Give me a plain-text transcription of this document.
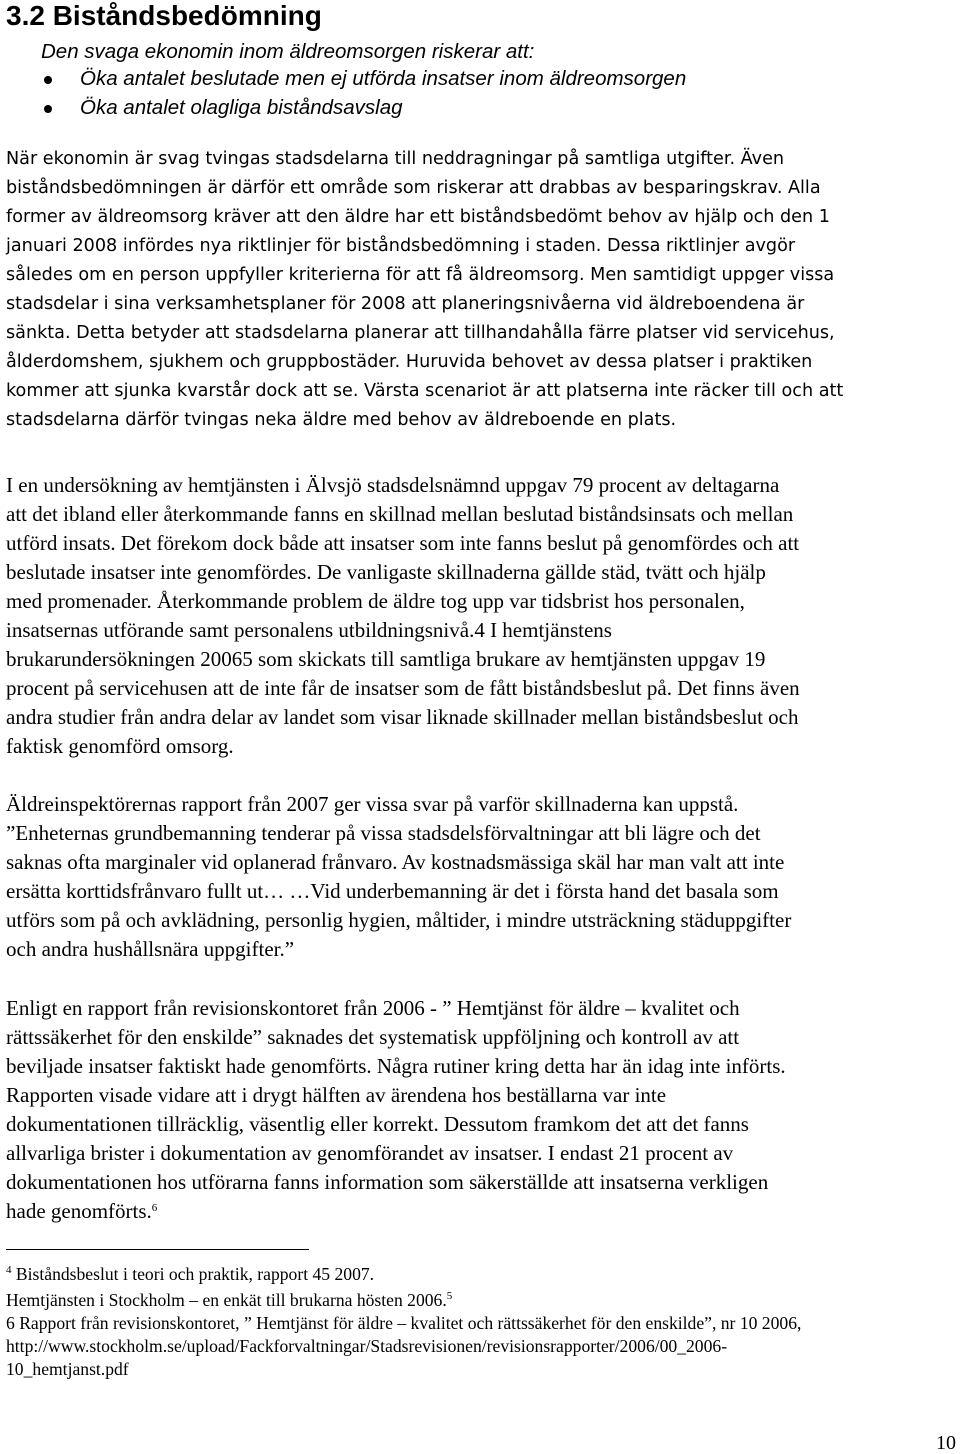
3.2 Biståndsbedömning
Den svaga ekonomin inom äldreomsorgen riskerar att:
Öka antalet beslutade men ej utförda insatser inom äldreomsorgen
Öka antalet olagliga biståndsavslag
När ekonomin är svag tvingas stadsdelarna till neddragningar på samtliga utgifter. Även
biståndsbedömningen är därför ett område som riskerar att drabbas av besparingskrav. Alla
former av äldreomsorg kräver att den äldre har ett biståndsbedömt behov av hjälp och den 1
januari 2008 infördes nya riktlinjer för biståndsbedömning i staden. Dessa riktlinjer avgör
således om en person uppfyller kriterierna för att få äldreomsorg. Men samtidigt uppger vissa
stadsdelar i sina verksamhetsplaner för 2008 att planeringsnivåerna vid äldreboendena är
sänkta. Detta betyder att stadsdelarna planerar att tillhandahålla färre platser vid servicehus,
ålderdomshem, sjukhem och gruppbostäder. Huruvida behovet av dessa platser i praktiken
kommer att sjunka kvarstår dock att se. Värsta scenariot är att platserna inte räcker till och att
stadsdelarna därför tvingas neka äldre med behov av äldreboende en plats.
I en undersökning av hemtjänsten i Älvsjö stadsdelsnämnd uppgav 79 procent av deltagarna
att det ibland eller återkommande fanns en skillnad mellan beslutad biståndsinsats och mellan
utförd insats. Det förekom dock både att insatser som inte fanns beslut på genomfördes och att
beslutade insatser inte genomfördes. De vanligaste skillnaderna gällde städ, tvätt och hjälp
med promenader. Återkommande problem de äldre tog upp var tidsbrist hos personalen,
insatsernas utförande samt personalens utbildningsnivå.4 I hemtjänstens
brukarundersökningen 20065 som skickats till samtliga brukare av hemtjänsten uppgav 19
procent på servicehusen att de inte får de insatser som de fått biståndsbeslut på. Det finns även
andra studier från andra delar av landet som visar liknade skillnader mellan biståndsbeslut och
faktisk genomförd omsorg.
Äldreinspektörernas rapport från 2007 ger vissa svar på varför skillnaderna kan uppstå.
”Enheternas grundbemanning tenderar på vissa stadsdelsförvaltningar att bli lägre och det
saknas ofta marginaler vid oplanerad frånvaro. Av kostnadsmässiga skäl har man valt att inte
ersätta korttidsfrånvaro fullt ut… …Vid underbemanning är det i första hand det basala som
utförs som på och avklädning, personlig hygien, måltider, i mindre utsträckning städuppgifter
och andra hushållsnära uppgifter.”
Enligt en rapport från revisionskontoret från 2006 - ” Hemtjänst för äldre – kvalitet och
rättssäkerhet för den enskilde” saknades det systematisk uppföljning och kontroll av att
beviljade insatser faktiskt hade genomförts. Några rutiner kring detta har än idag inte införts.
Rapporten visade vidare att i drygt hälften av ärendena hos beställarna var inte
dokumentationen tillräcklig, väsentlig eller korrekt. Dessutom framkom det att det fanns
allvarliga brister i dokumentation av genomförandet av insatser. I endast 21 procent av
dokumentationen hos utförarna fanns information som säkerställde att insatserna verkligen
hade genomförts.$^6$
$^4$ Biståndsbeslut i teori och praktik, rapport 45 2007.
Hemtjänsten i Stockholm – en enkät till brukarna hösten 2006.$^5$
6 Rapport från revisionskontoret, ” Hemtjänst för äldre – kvalitet och rättssäkerhet för den enskilde”, nr 10 2006,
http://www.stockholm.se/upload/Fackforvaltningar/Stadsrevisionen/revisionsrapporter/2006/00_2006-
10_hemtjanst.pdf
10
